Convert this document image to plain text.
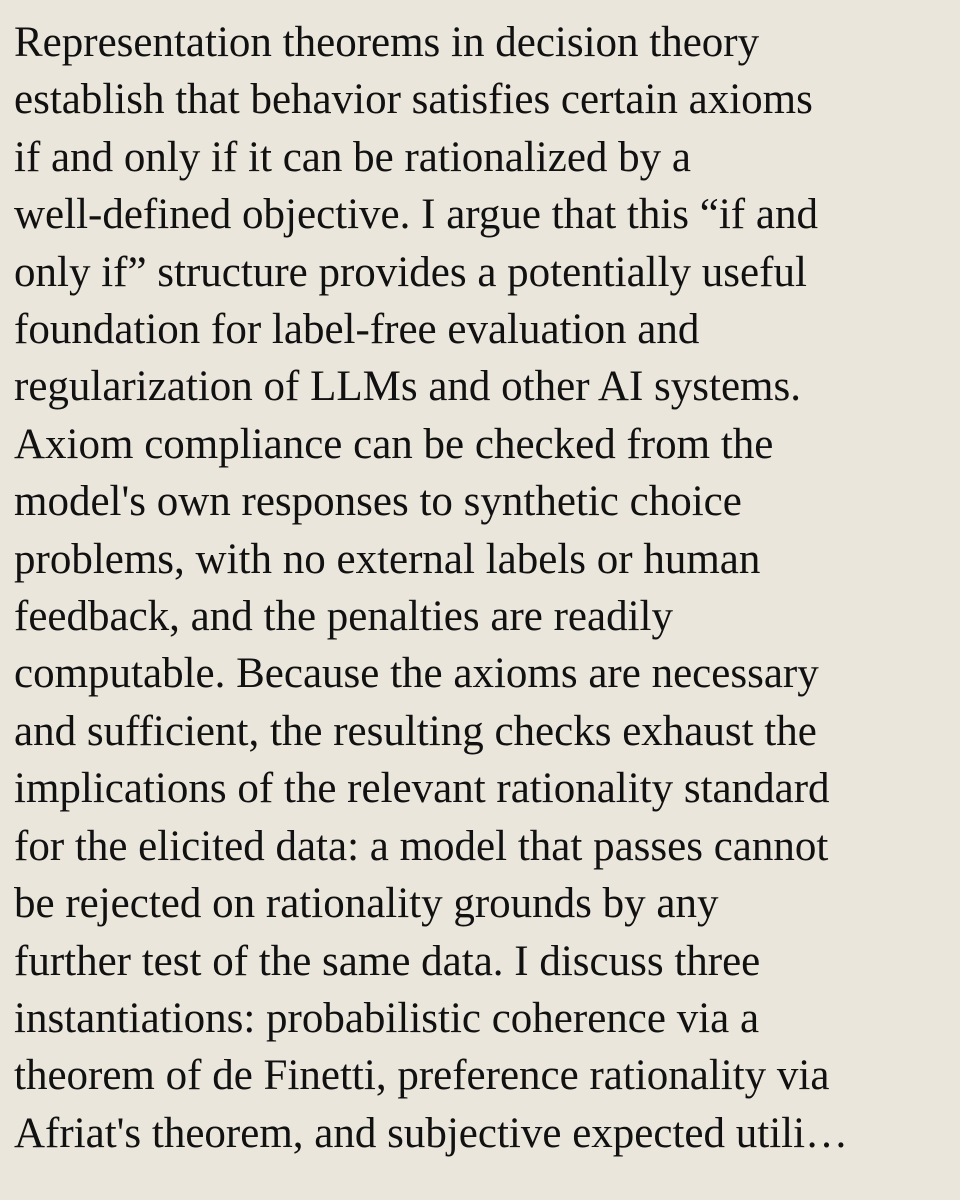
Representation theorems in decision theory
establish that behavior satisfies certain axioms
if and only if it can be rationalized by a
well-defined objective. I argue that this “if and
only if” structure provides a potentially useful
foundation for label-free evaluation and
regularization of LLMs and other AI systems.
Axiom compliance can be checked from the
model's own responses to synthetic choice
problems, with no external labels or human
feedback, and the penalties are readily
computable. Because the axioms are necessary
and sufficient, the resulting checks exhaust the
implications of the relevant rationality standard
for the elicited data: a model that passes cannot
be rejected on rationality grounds by any
further test of the same data. I discuss three
instantiations: probabilistic coherence via a
theorem of de Finetti, preference rationality via
Afriat's theorem, and subjective expected utili…
